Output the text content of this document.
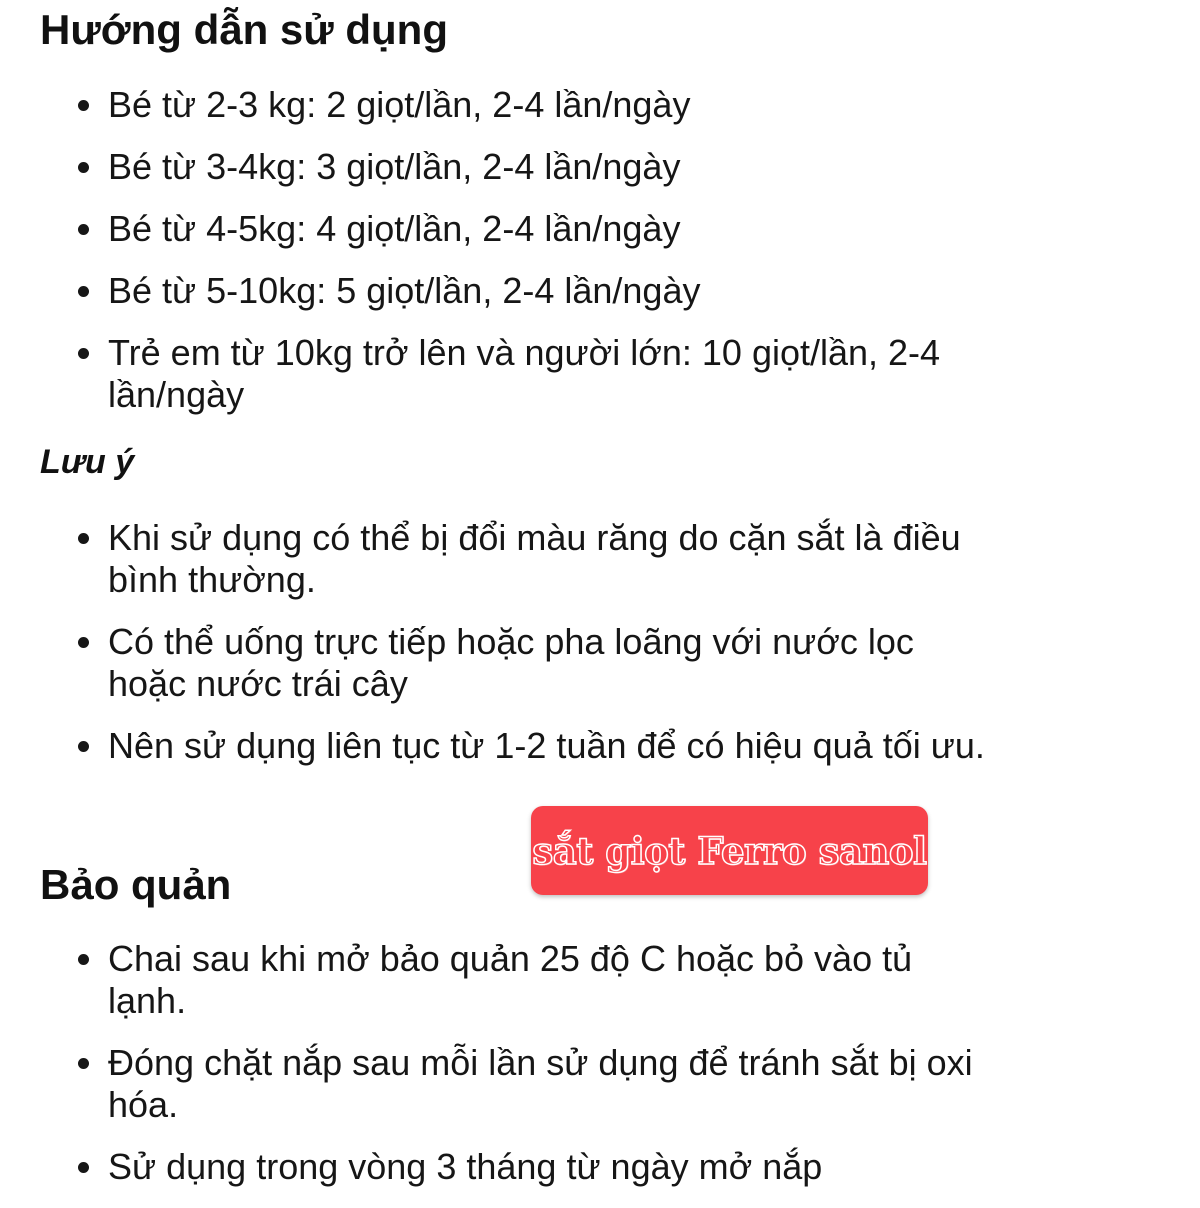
Hướng dẫn sử dụng
Bé từ 2-3 kg: 2 giọt/lần, 2-4 lần/ngày
Bé từ 3-4kg: 3 giọt/lần, 2-4 lần/ngày
Bé từ 4-5kg: 4 giọt/lần, 2-4 lần/ngày
Bé từ 5-10kg: 5 giọt/lần, 2-4 lần/ngày
Trẻ em từ 10kg trở lên và người lớn: 10 giọt/lần, 2-4 lần/ngày

Lưu ý

Khi sử dụng có thể bị đổi màu răng do cặn sắt là điều bình thường.
Có thể uống trực tiếp hoặc pha loãng với nước lọc hoặc nước trái cây
Nên sử dụng liên tục từ 1-2 tuần để có hiệu quả tối ưu.
sắt giọt Ferro sanol
Bảo quản
Chai sau khi mở bảo quản 25 độ C hoặc bỏ vào tủ lạnh.
Đóng chặt nắp sau mỗi lần sử dụng để tránh sắt bị oxi hóa.
Sử dụng trong vòng 3 tháng từ ngày mở nắp
